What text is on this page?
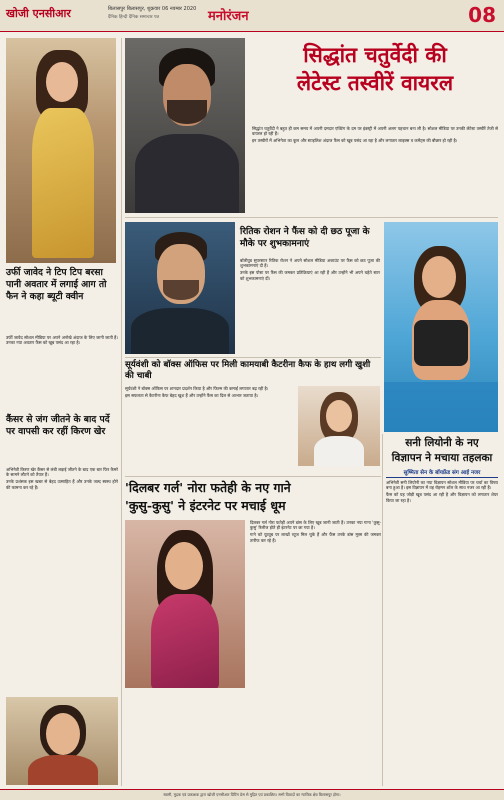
खोजी एनसीआर	बिलासपुर बिलासपुर, शुक्रवार 06 नवम्बर 2020
दैनिक हिन्दी दैनिक समाचार पत्र	मनोरंजन	08
उर्फी जावेद ने टिप टिप बरसा पानी अवतार में लगाई आग तो फैन ने कहा ब्यूटी क्वीन

उर्फी जावेद सोशल मीडिया पर अपने अनोखे अंदाज के लिए जानी जाती हैं। उनका नया अवतार फैंस को खूब पसंद आ रहा है।

कैंसर से जंग जीतने के बाद पर्दे पर वापसी कर रहीं किरण खेर

अभिनेत्री किरण खेर कैंसर से लंबी लड़ाई जीतने के बाद एक बार फिर कैमरे के सामने लौटने को तैयार हैं।

उनके प्रशंसक इस खबर से बेहद उत्साहित हैं और उनके जल्द स्वस्थ होने की कामना कर रहे हैं।

सिद्धांत चतुर्वेदी की
लेटेस्ट तस्वीरें वायरल

सिद्धांत चतुर्वेदी ने बहुत ही कम समय में अपनी दमदार एक्टिंग के दम पर इंडस्ट्री में अपनी अलग पहचान बना ली है। सोशल मीडिया पर उनकी लेटेस्ट तस्वीरें तेजी से वायरल हो रही हैं।

इन तस्वीरों में अभिनेता का कूल और स्टाइलिश अंदाज फैंस को खूब पसंद आ रहा है और लगातार लाइक्स व कमेंट्स की बौछार हो रही है।

रितिक रोशन ने फैंस को दी छठ पूजा के मौके पर शुभकामनाएं

बॉलीवुड सुपरस्टार रितिक रोशन ने अपने सोशल मीडिया अकाउंट पर फैंस को छठ पूजा की शुभकामनाएं दी हैं।

उनके इस पोस्ट पर फैंस की जमकर प्रतिक्रियाएं आ रही हैं और उन्होंने भी अपने चहेते स्टार को शुभकामनाएं दीं।

सूर्यवंशी को बॉक्स ऑफिस पर मिली कामयाबी कैटरीना कैफ के हाथ लगी खुशी की चाबी

सूर्यवंशी ने बॉक्स ऑफिस पर शानदार प्रदर्शन किया है और फिल्म की कमाई लगातार बढ़ रही है।

इस सफलता से कैटरीना कैफ बेहद खुश हैं और उन्होंने फैंस का दिल से आभार जताया है।

'दिलबर गर्ल' नोरा फतेही के नए गाने
'कुसु-कुसु' ने इंटरनेट पर मचाई धूम

दिलबर गर्ल नोरा फतेही अपने डांस के लिए खूब जानी जाती हैं। उनका नया गाना 'कुसु-कुसु' रिलीज होते ही इंटरनेट पर छा गया है।

गाने को यूट्यूब पर लाखों व्यूज मिल चुके हैं और फैंस उनके डांस मूव्स की जमकर तारीफ कर रहे हैं।

सनी लियोनी के नए
विज्ञापन ने मचाया तहलका
सुष्मिता सेन के बॉयफ्रेंड संग आई नजर

अभिनेत्री सनी लियोनी का नया विज्ञापन सोशल मीडिया पर चर्चा का विषय बना हुआ है। इस विज्ञापन में वह रोहमन शॉल के साथ नजर आ रही हैं।

फैंस को यह जोड़ी खूब पसंद आ रही है और विज्ञापन को लगातार शेयर किया जा रहा है।

स्वामी, मुद्रक एवं प्रकाशक द्वारा खोजी एनसीआर प्रिंटिंग प्रेस से मुद्रित एवं प्रकाशित। सभी विवादों का न्यायिक क्षेत्र बिलासपुर होगा।
